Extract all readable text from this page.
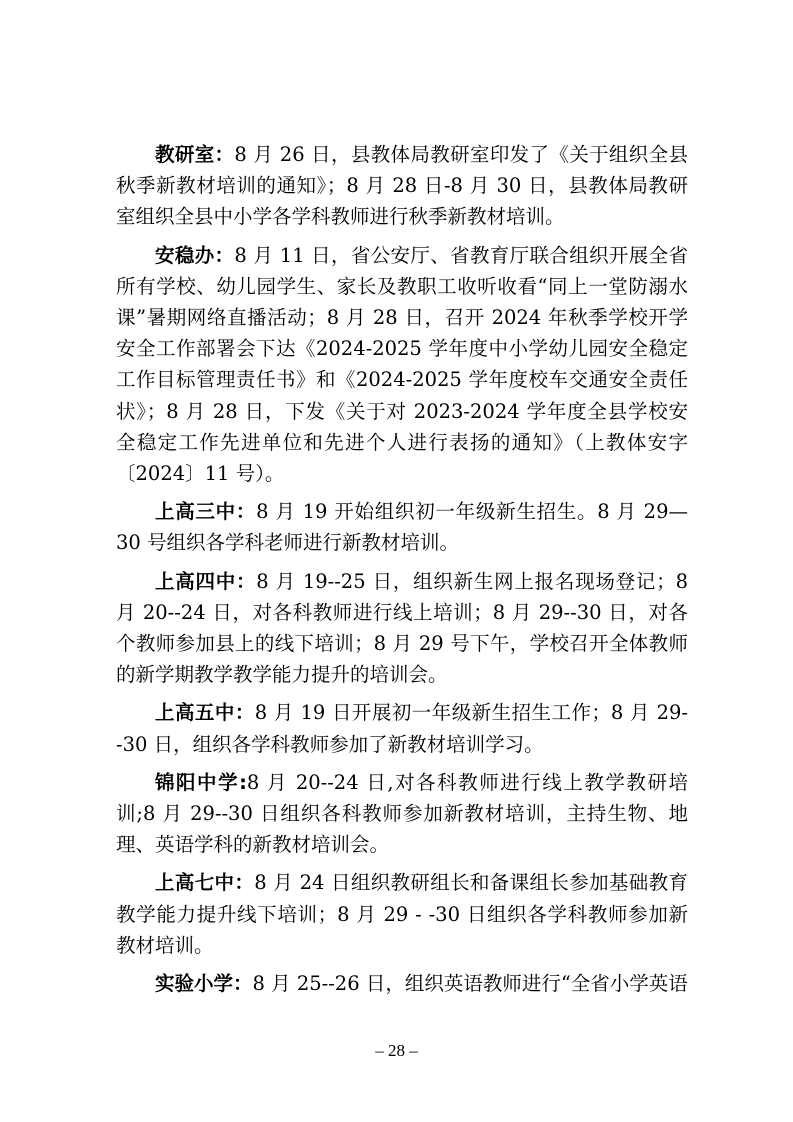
教研室：8 月 26 日，县教体局教研室印发了《关于组织全县秋季新教材培训的通知》；8 月 28 日-8 月 30 日，县教体局教研室组织全县中小学各学科教师进行秋季新教材培训。

安稳办：8 月 11 日，省公安厅、省教育厅联合组织开展全省所有学校、幼儿园学生、家长及教职工收听收看“同上一堂防溺水课”暑期网络直播活动；8 月 28 日，召开 2024 年秋季学校开学安全工作部署会下达《2024-2025 学年度中小学幼儿园安全稳定工作目标管理责任书》和《2024-2025 学年度校车交通安全责任状》；8 月 28 日，下发《关于对 2023-2024 学年度全县学校安全稳定工作先进单位和先进个人进行表扬的通知》（上教体安字〔2024〕11 号）。

上高三中：8 月 19 开始组织初一年级新生招生。8 月 29—30 号组织各学科老师进行新教材培训。

上高四中：8 月 19--25 日，组织新生网上报名现场登记；8 月 20--24 日，对各科教师进行线上培训；8 月 29--30 日，对各个教师参加县上的线下培训；8 月 29 号下午，学校召开全体教师的新学期教学教学能力提升的培训会。

上高五中：8 月 19 日开展初一年级新生招生工作；8 月 29--30 日，组织各学科教师参加了新教材培训学习。

锦阳中学:8 月 20--24 日,对各科教师进行线上教学教研培训;8 月 29--30 日组织各科教师参加新教材培训，主持生物、地理、英语学科的新教材培训会。

上高七中：8 月 24 日组织教研组长和备课组长参加基础教育教学能力提升线下培训；8 月 29 - -30 日组织各学科教师参加新教材培训。

实验小学：8 月 25--26 日，组织英语教师进行“全省小学英语

– 28 –
